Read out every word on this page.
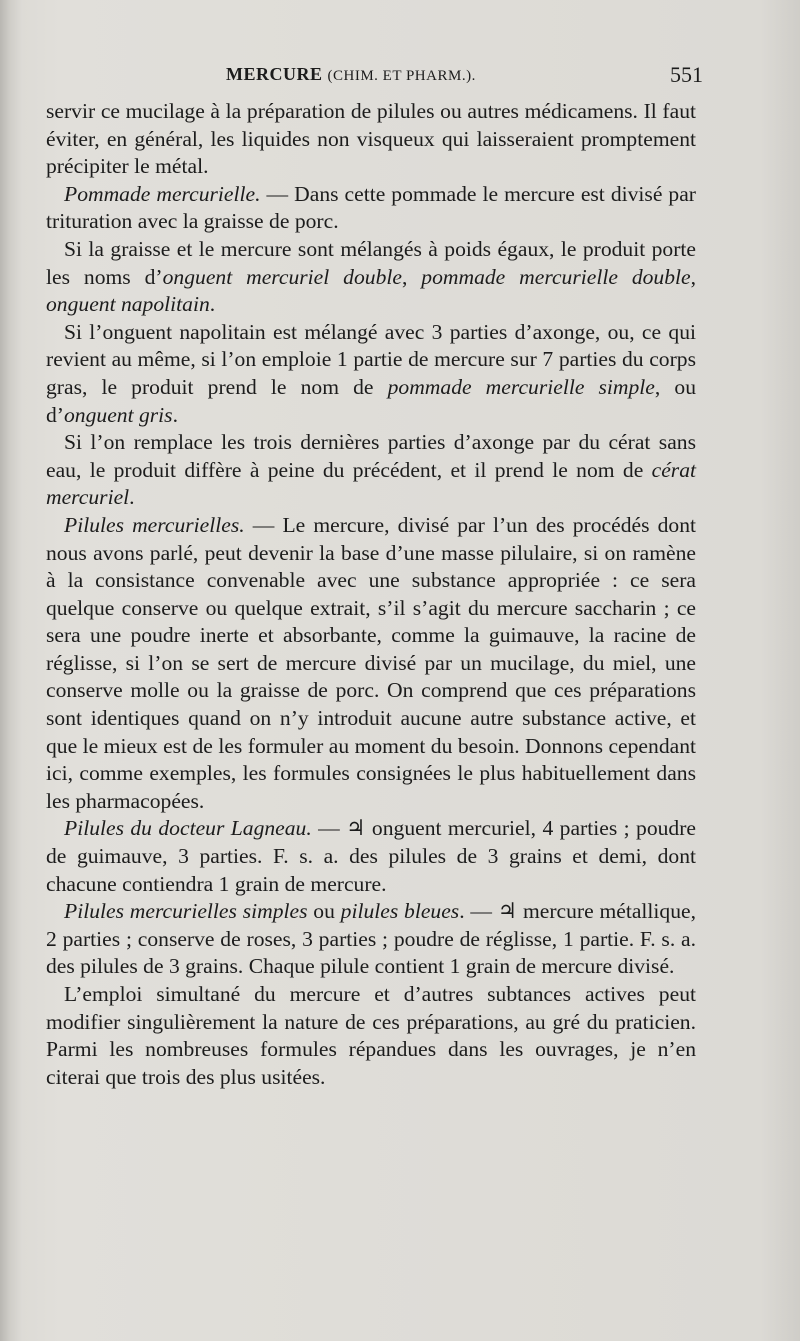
MERCURE (CHIM. ET PHARM.).	551

servir ce mucilage à la préparation de pilules ou autres médicamens. Il faut éviter, en général, les liquides non visqueux qui laisseraient promptement précipiter le métal.

Pommade mercurielle. — Dans cette pommade le mercure est divisé par trituration avec la graisse de porc.

Si la graisse et le mercure sont mélangés à poids égaux, le produit porte les noms d’onguent mercuriel double, pommade mercurielle double, onguent napolitain.

Si l’onguent napolitain est mélangé avec 3 parties d’axonge, ou, ce qui revient au même, si l’on emploie 1 partie de mercure sur 7 parties du corps gras, le produit prend le nom de pommade mercurielle simple, ou d’onguent gris.

Si l’on remplace les trois dernières parties d’axonge par du cérat sans eau, le produit diffère à peine du précédent, et il prend le nom de cérat mercuriel.

Pilules mercurielles. — Le mercure, divisé par l’un des procédés dont nous avons parlé, peut devenir la base d’une masse pilulaire, si on ramène à la consistance convenable avec une substance appropriée : ce sera quelque conserve ou quelque extrait, s’il s’agit du mercure saccharin ; ce sera une poudre inerte et absorbante, comme la guimauve, la racine de réglisse, si l’on se sert de mercure divisé par un mucilage, du miel, une conserve molle ou la graisse de porc. On comprend que ces préparations sont identiques quand on n’y introduit aucune autre substance active, et que le mieux est de les formuler au moment du besoin. Donnons cependant ici, comme exemples, les formules consignées le plus habituellement dans les pharmacopées.

Pilules du docteur Lagneau. — ♃ onguent mercuriel, 4 parties ; poudre de guimauve, 3 parties. F. s. a. des pilules de 3 grains et demi, dont chacune contiendra 1 grain de mercure.

Pilules mercurielles simples ou pilules bleues. — ♃ mercure métallique, 2 parties ; conserve de roses, 3 parties ; poudre de réglisse, 1 partie. F. s. a. des pilules de 3 grains. Chaque pilule contient 1 grain de mercure divisé.

L’emploi simultané du mercure et d’autres subtances actives peut modifier singulièrement la nature de ces préparations, au gré du praticien. Parmi les nombreuses formules répandues dans les ouvrages, je n’en citerai que trois des plus usitées.
